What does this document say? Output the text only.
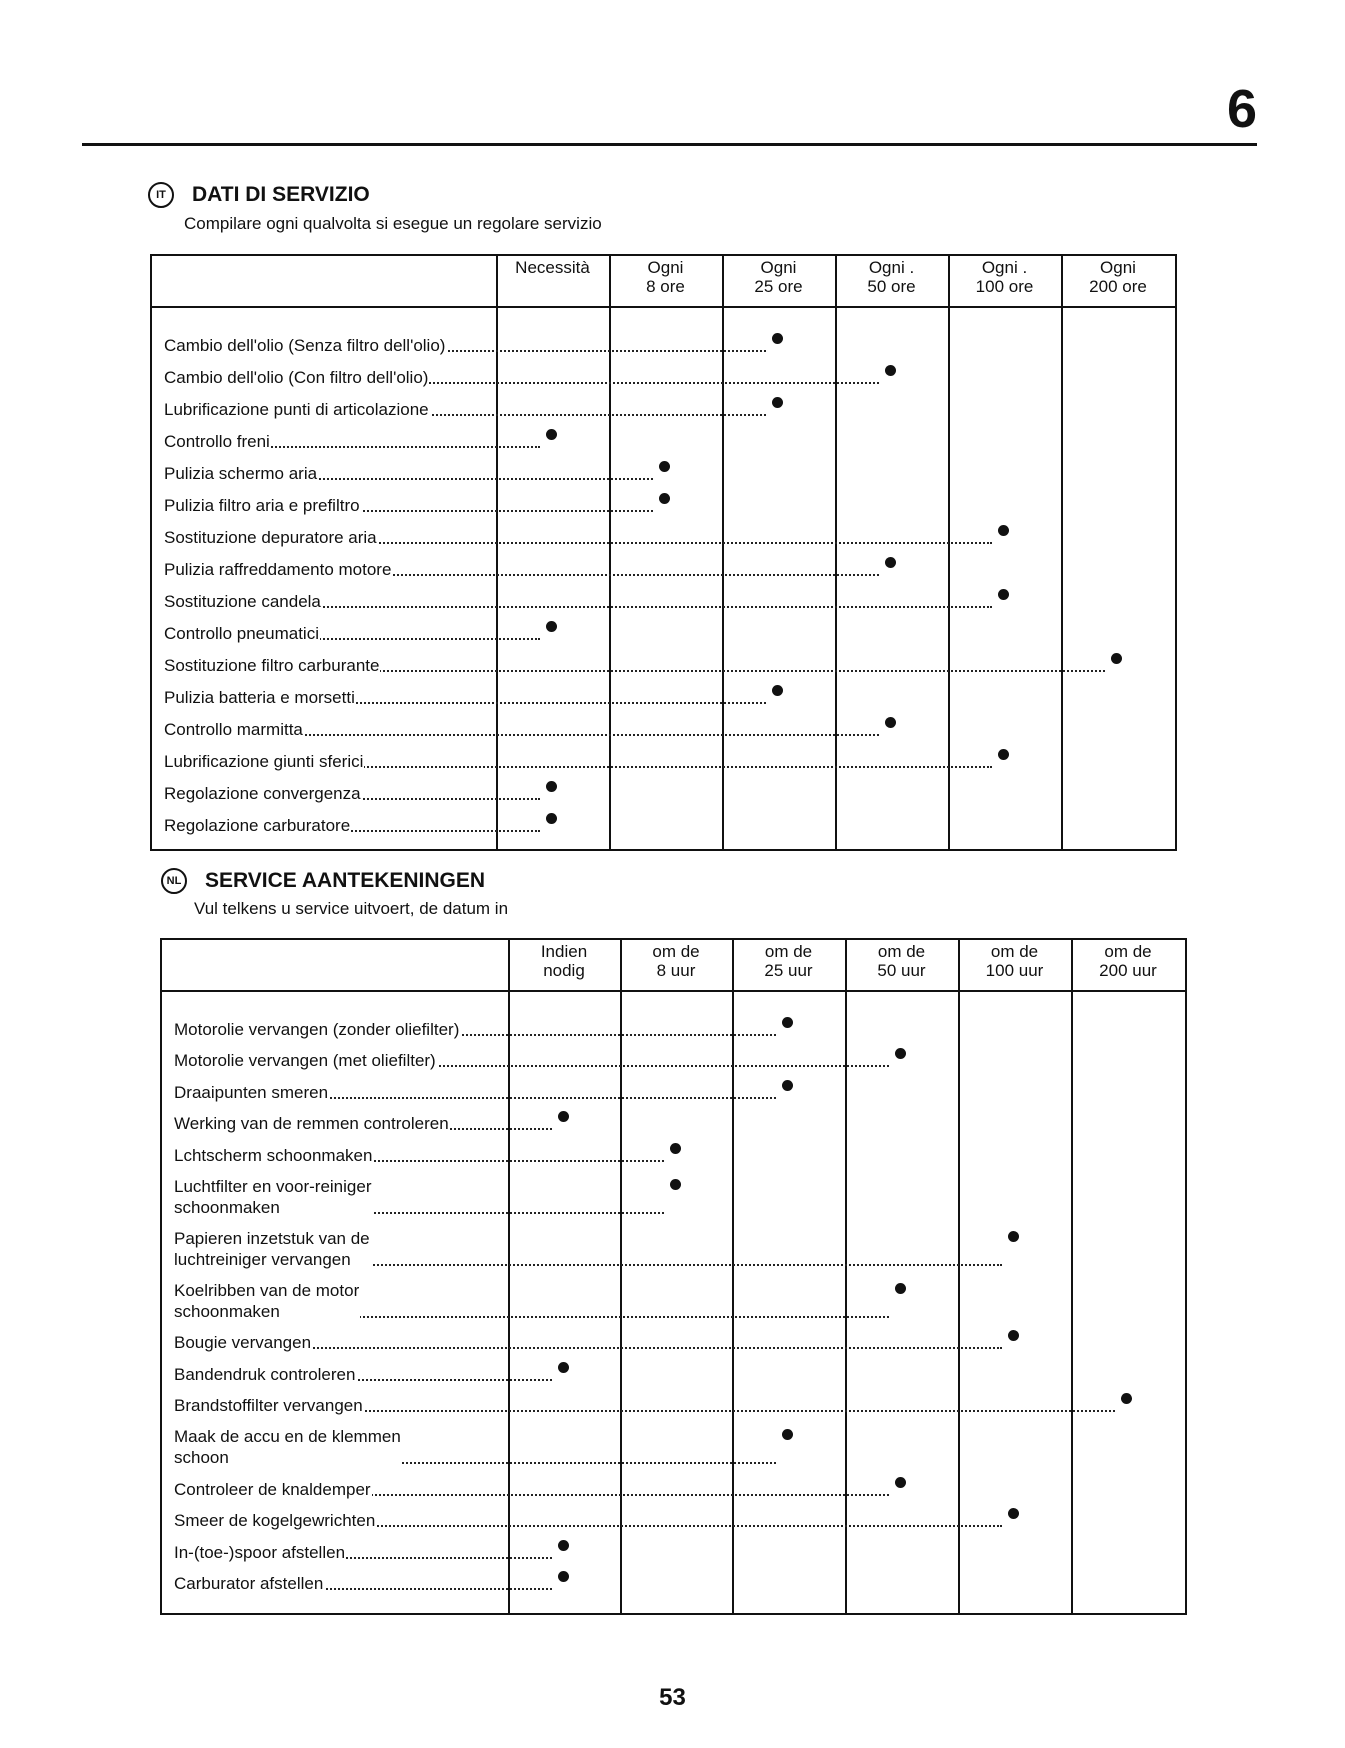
6
IT	DATI DI SERVIZIO
Compilare ogni qualvolta si esegue un regolare servizio
Necessità	Ogni
8 ore
Ogni
25 ore
Ogni .
50 ore
Ogni .
100 ore
Ogni
200 ore
Cambio dell'olio (Senza filtro dell'olio)
Cambio dell'olio (Con filtro dell'olio)
Lubrificazione punti di articolazione
Controllo freni
Pulizia schermo aria
Pulizia filtro aria e prefiltro
Sostituzione depuratore aria
Pulizia raffreddamento motore
Sostituzione candela
Controllo pneumatici
Sostituzione filtro carburante
Pulizia batteria e morsetti
Controllo marmitta
Lubrificazione giunti sferici
Regolazione convergenza
Regolazione carburatore
NL SERVICE AANTEKENINGEN
Vul telkens u service uitvoert, de datum in
Indien
nodig
om de
8 uur
om de
25 uur
om de
50 uur
om de
100 uur
om de
200 uur
Motorolie vervangen (zonder oliefilter)
Motorolie vervangen (met oliefilter)
Draaipunten smeren
Werking van de remmen controleren
Lchtscherm schoonmaken
Luchtfilter en voor-reiniger
schoonmaken
Papieren inzetstuk van de
luchtreiniger vervangen
Koelribben van de motor
schoonmaken
Bougie vervangen
Bandendruk controleren
Brandstoffilter vervangen
Maak de accu en de klemmen
schoon
Controleer de knaldemper
Smeer de kogelgewrichten
In-(toe-)spoor afstellen
Carburator afstellen
53
